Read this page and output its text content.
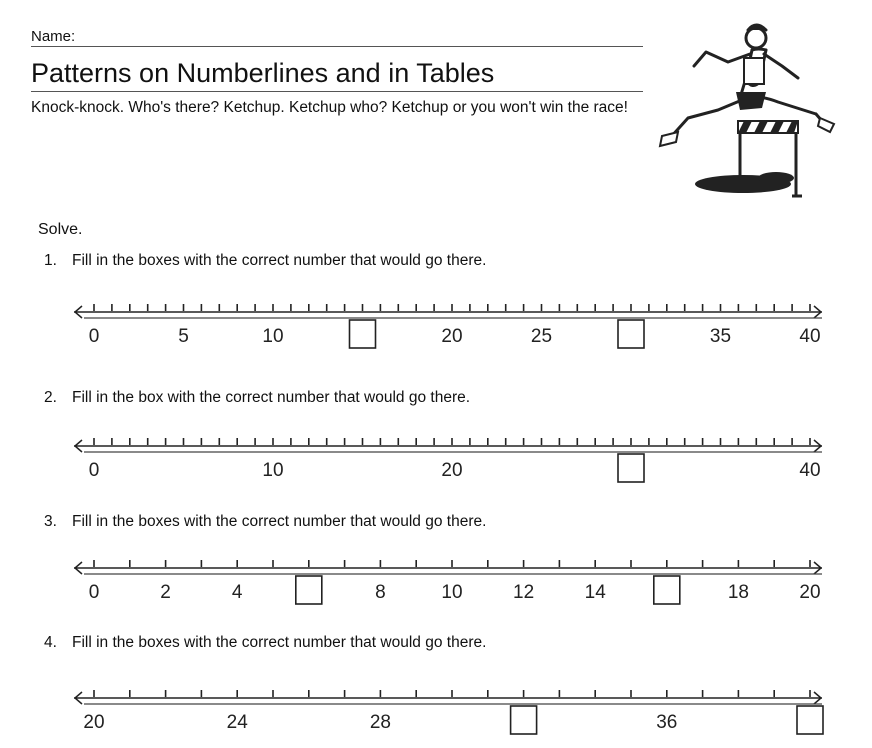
Name:
Patterns on Numberlines and in Tables
Knock-knock. Who's there? Ketchup. Ketchup who? Ketchup or you won't win the race!
Solve.
1. Fill in the boxes with the correct number that would go there.
0	5	10	20	25	35	40
2. Fill in the box with the correct number that would go there.
0	10	20	40
3. Fill in the boxes with the correct number that would go there.
0	2	4	8	10	12	14	18	20
4. Fill in the boxes with the correct number that would go there.
20	24	28	36
